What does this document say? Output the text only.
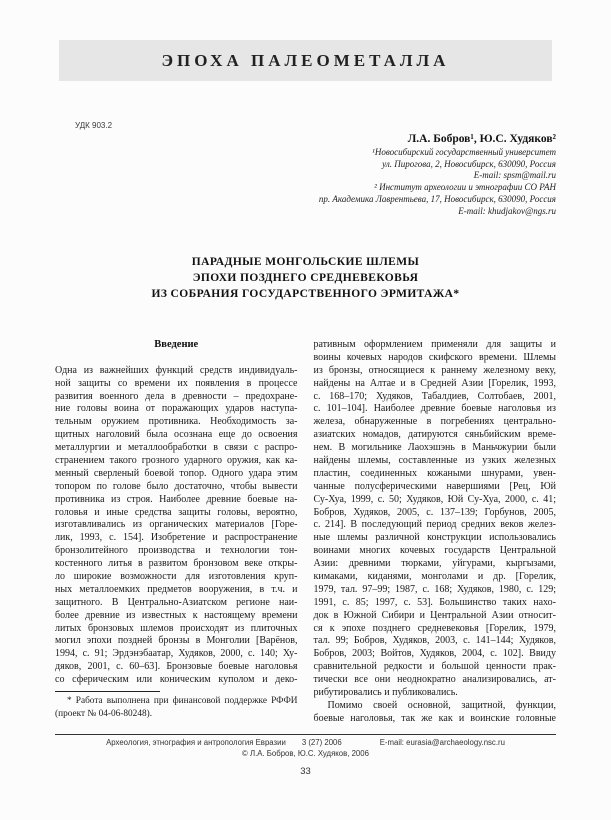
ЭПОХА ПАЛЕОМЕТАЛЛА
УДК 903.2
Л.А. Бобров¹, Ю.С. Худяков²
¹Новосибирский государственный университет
ул. Пирогова, 2, Новосибирск, 630090, Россия
E-mail: spsm@mail.ru
² Институт археологии и этнографии СО РАН
пр. Академика Лаврентьева, 17, Новосибирск, 630090, Россия
E-mail: khudjakov@ngs.ru
ПАРАДНЫЕ МОНГОЛЬСКИЕ ШЛЕМЫ
ЭПОХИ ПОЗДНЕГО СРЕДНЕВЕКОВЬЯ
ИЗ СОБРАНИЯ ГОСУДАРСТВЕННОГО ЭРМИТАЖА*
Введение
Одна из важнейших функций средств индивидуаль-
ной защиты со времени их появления в процессе
развития военного дела в древности – предохране-
ние головы воина от поражающих ударов наступа-
тельным оружием противника. Необходимость за-
щитных наголовий была осознана еще до освоения
металлургии и металлообработки в связи с распро-
странением такого грозного ударного оружия, как ка-
менный сверленый боевой топор. Одного удара этим
топором по голове было достаточно, чтобы вывести
противника из строя. Наиболее древние боевые на-
головья и иные средства защиты головы, вероятно,
изготавливались из органических материалов [Горе-
лик, 1993, с. 154]. Изобретение и распространение
бронзолитейного производства и технологии тон-
костенного литья в развитом бронзовом веке откры-
ло широкие возможности для изготовления круп-
ных металлоемких предметов вооружения, в т.ч. и
защитного. В Центрально-Азиатском регионе наи-
более древние из известных к настоящему времени
литых бронзовых шлемов происходят из плиточных
могил эпохи поздней бронзы в Монголии [Варёнов,
1994, с. 91; Эрдэнэбаатар, Худяков, 2000, с. 140; Ху-
дяков, 2001, с. 60–63]. Бронзовые боевые наголовья
со сферическим или коническим куполом и деко-
* Работа выполнена при финансовой поддержке РФФИ
(проект № 04-06-80248).
ративным оформлением применяли для защиты и
воины кочевых народов скифского времени. Шлемы
из бронзы, относящиеся к раннему железному веку,
найдены на Алтае и в Средней Азии [Горелик, 1993,
с. 168–170; Худяков, Табалдиев, Солтобаев, 2001,
с. 101–104]. Наиболее древние боевые наголовья из
железа, обнаруженные в погребениях центрально-
азиатских номадов, датируются сяньбийским време-
нем. В могильнике Лаохэшэнь в Маньчжурии были
найдены шлемы, составленные из узких железных
пластин, соединенных кожаными шнурами, увен-
чанные полусферическими навершиями [Рец, Юй
Су-Хуа, 1999, с. 50; Худяков, Юй Су-Хуа, 2000, с. 41;
Бобров, Худяков, 2005, с. 137–139; Горбунов, 2005,
с. 214]. В последующий период средних веков желез-
ные шлемы различной конструкции использовались
воинами многих кочевых государств Центральной
Азии: древними тюрками, уйгурами, кыргызами,
кимаками, киданями, монголами и др. [Горелик,
1979, тал. 97–99; 1987, с. 168; Худяков, 1980, с. 129;
1991, с. 85; 1997, с. 53]. Большинство таких нахо-
док в Южной Сибири и Центральной Азии относит-
ся к эпохе позднего средневековья [Горелик, 1979,
тал. 99; Бобров, Худяков, 2003, с. 141–144; Худяков,
Бобров, 2003; Войтов, Худяков, 2004, с. 102]. Ввиду
сравнительной редкости и большой ценности прак-
тически все они неоднократно анализировались, ат-
рибутировались и публиковались.
Помимо своей основной, защитной, функции,
боевые наголовья, так же как и воинские головные
Археология, этнография и антропология Евразии 3 (27) 2006	E-mail: eurasia@archaeology.nsc.ru
© Л.А. Бобров, Ю.С. Худяков, 2006
33
